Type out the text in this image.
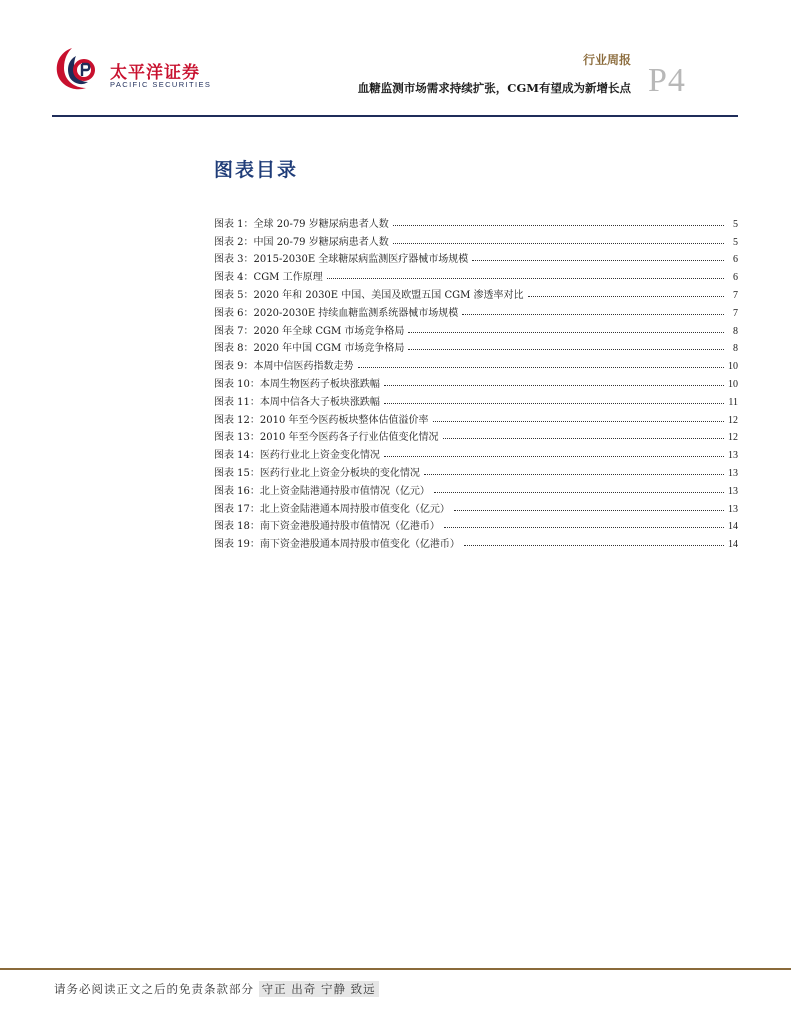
太平洋证券
PACIFIC SECURITIES
行业周报
血糖监测市场需求持续扩张，CGM有望成为新增长点 P4
图表目录
图表 1：全球 20-79 岁糖尿病患者人数	5
图表 2：中国 20-79 岁糖尿病患者人数	5
图表 3：2015-2030E 全球糖尿病监测医疗器械市场规模	6
图表 4：CGM 工作原理	6
图表 5：2020 年和 2030E 中国、美国及欧盟五国 CGM 渗透率对比	7
图表 6：2020-2030E 持续血糖监测系统器械市场规模	7
图表 7：2020 年全球 CGM 市场竞争格局	8
图表 8：2020 年中国 CGM 市场竞争格局	8
图表 9：本周中信医药指数走势	10
图表 10：本周生物医药子板块涨跌幅	10
图表 11：本周中信各大子板块涨跌幅	11
图表 12：2010 年至今医药板块整体估值溢价率	12
图表 13：2010 年至今医药各子行业估值变化情况	12
图表 14：医药行业北上资金变化情况	13
图表 15：医药行业北上资金分板块的变化情况	13
图表 16：北上资金陆港通持股市值情况（亿元）	13
图表 17：北上资金陆港通本周持股市值变化（亿元）	13
图表 18：南下资金港股通持股市值情况（亿港币）	14
图表 19：南下资金港股通本周持股市值变化（亿港币）	14
请务必阅读正文之后的免责条款部分 守正 出奇 宁静 致远
